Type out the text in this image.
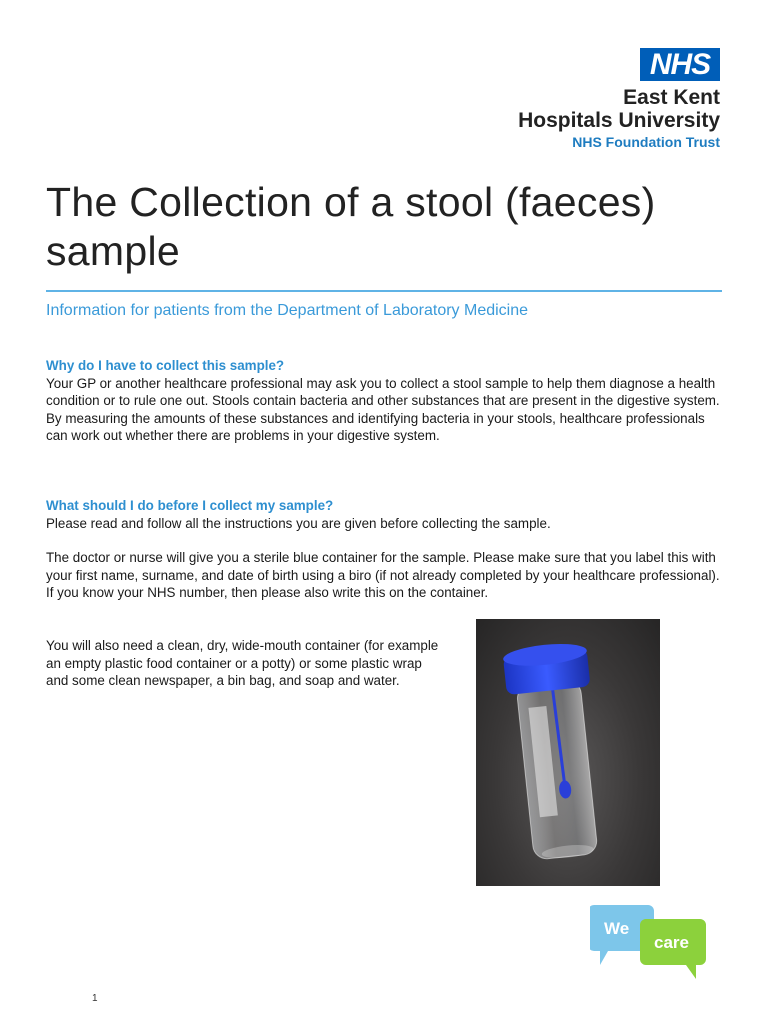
NHS
East Kent
Hospitals University
NHS Foundation Trust
The Collection of a stool (faeces) sample
Information for patients from the Department of Laboratory Medicine
Why do I have to collect this sample?

Your GP or another healthcare professional may ask you to collect a stool sample to help them diagnose a health condition or to rule one out. Stools contain bacteria and other substances that are present in the digestive system. By measuring the amounts of these substances and identifying bacteria in your stools, healthcare professionals can work out whether there are problems in your digestive system.

What should I do before I collect my sample?

Please read and follow all the instructions you are given before collecting the sample.

The doctor or nurse will give you a sterile blue container for the sample. Please make sure that you label this with your first name, surname, and date of birth using a biro (if not already completed by your healthcare professional). If you know your NHS number, then please also write this on the container.

You will also need a clean, dry, wide-mouth container (for example an empty plastic food container or a potty) or some plastic wrap and some clean newspaper, a bin bag, and soap and water.

We
care
1
